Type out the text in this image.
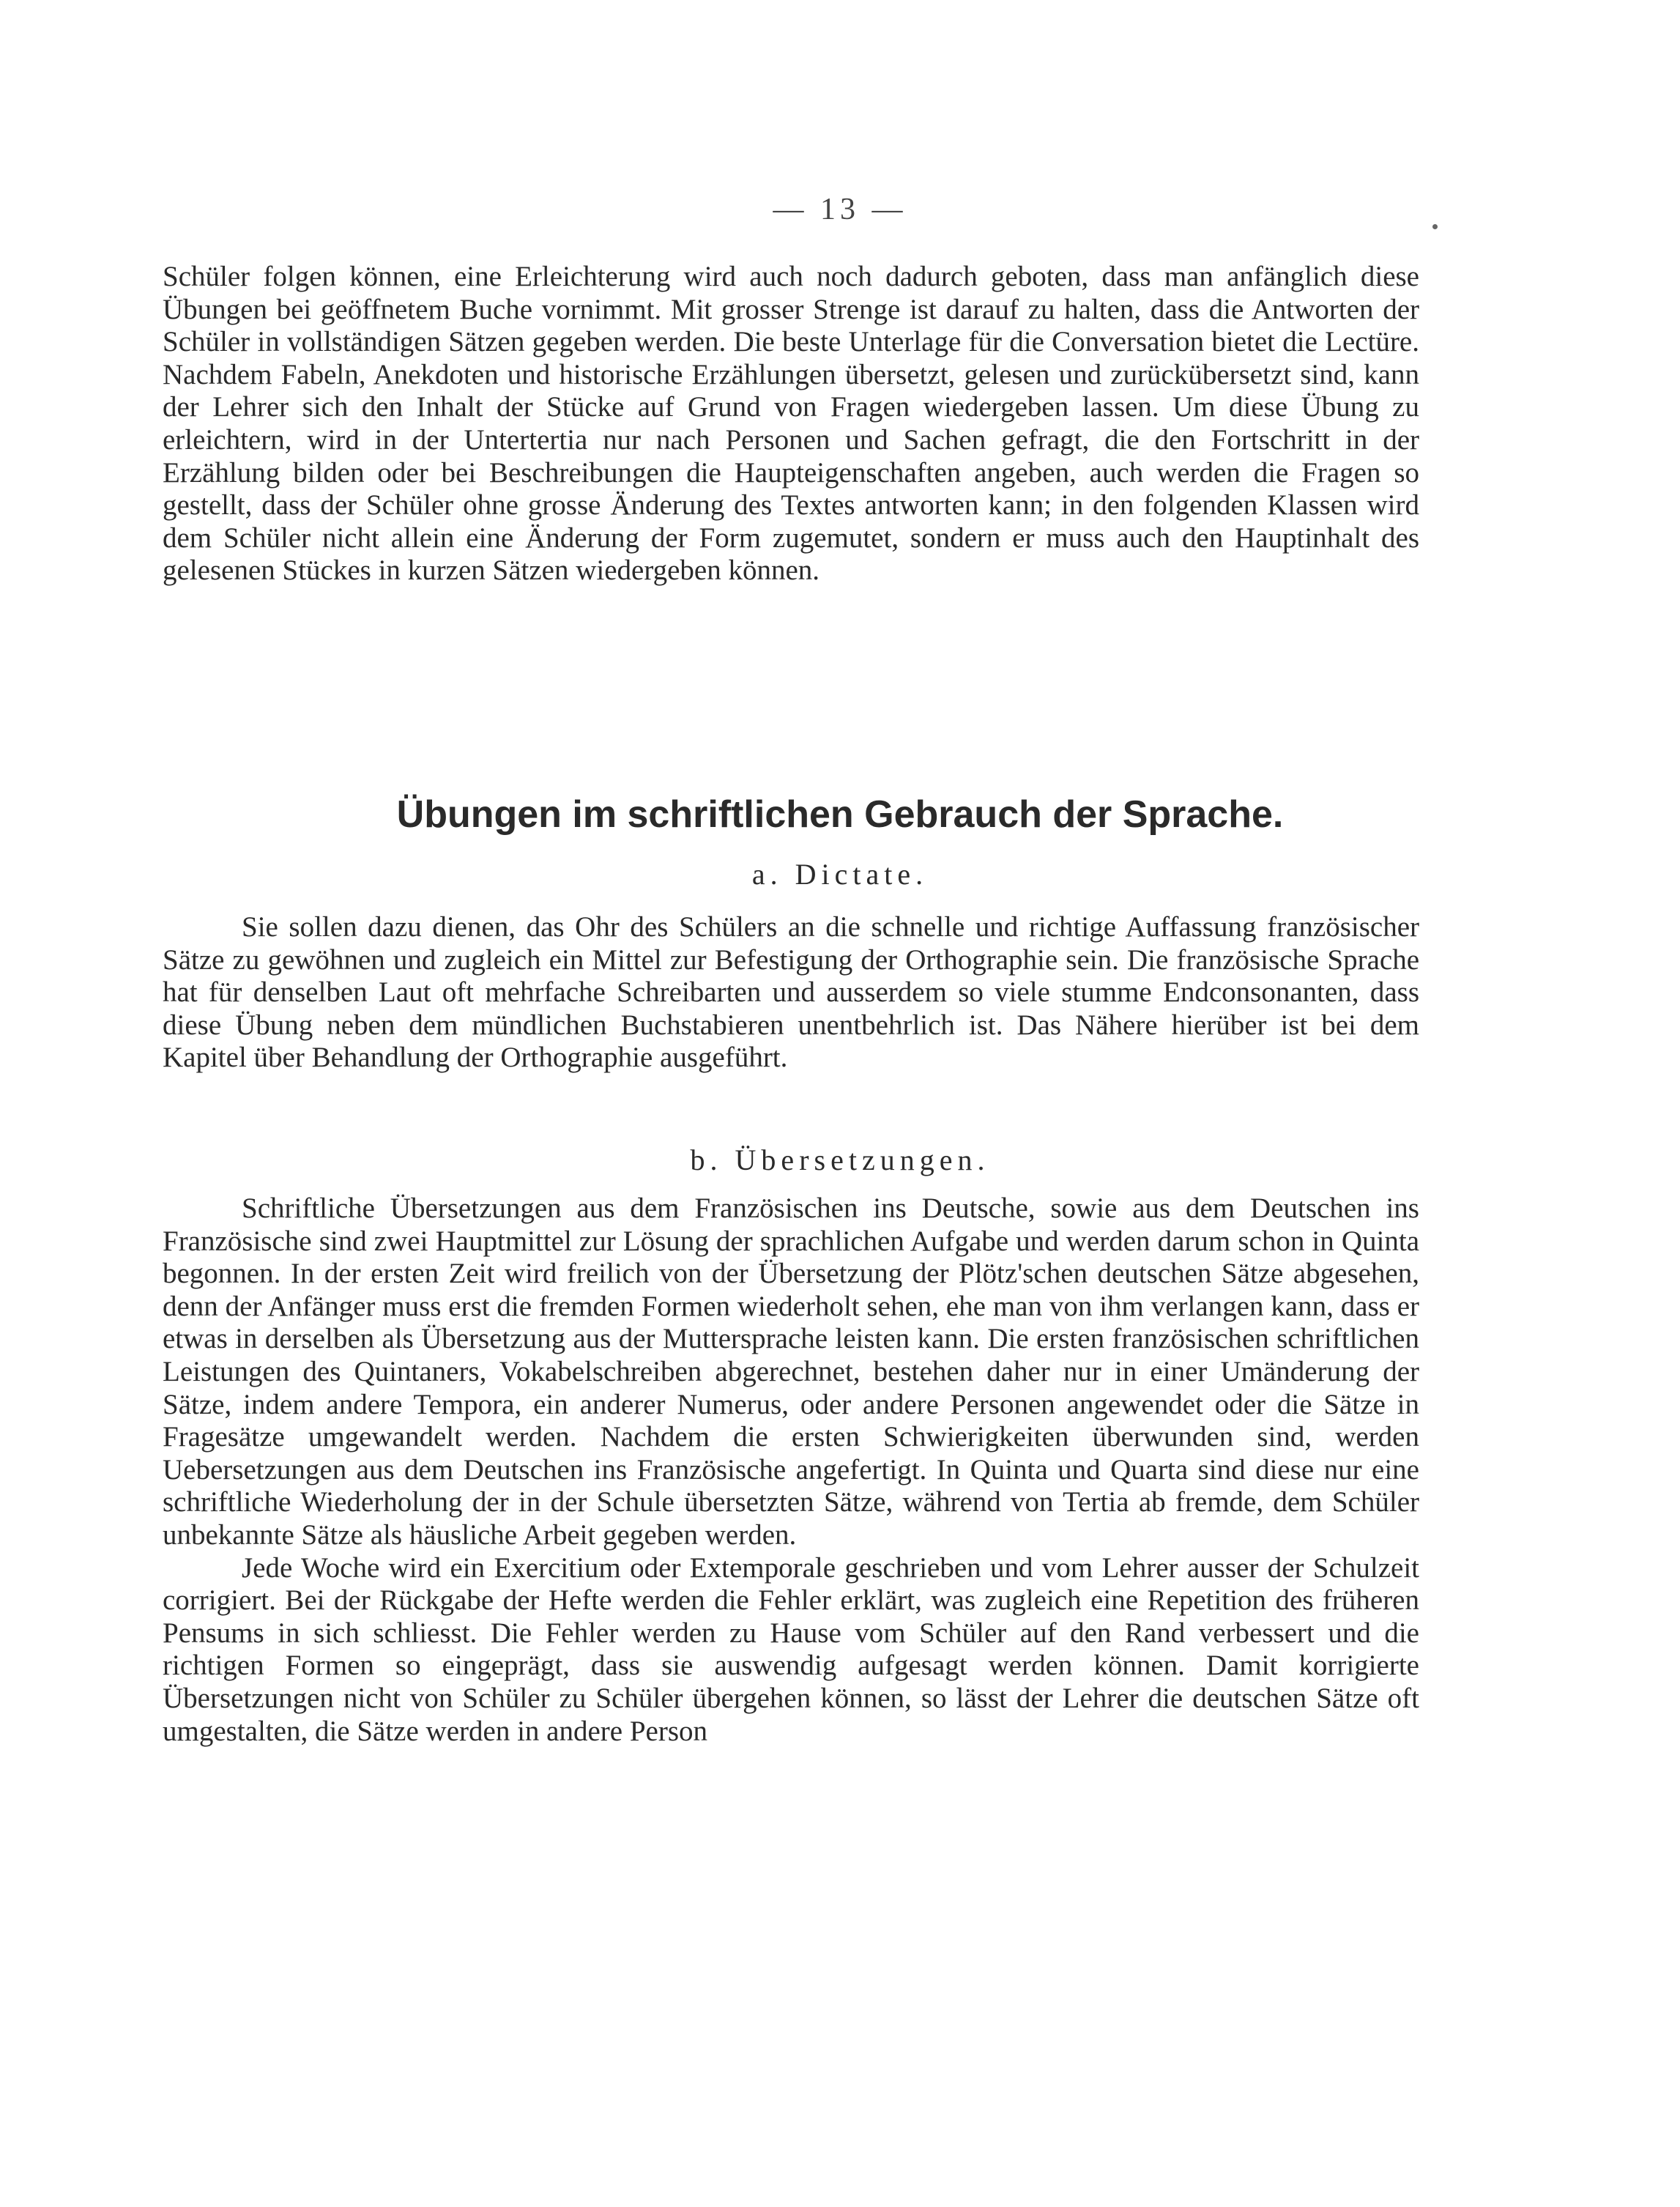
— 13 —

Schüler folgen können, eine Erleichterung wird auch noch dadurch geboten, dass man anfänglich diese Übungen bei geöffnetem Buche vornimmt. Mit grosser Strenge ist darauf zu halten, dass die Antworten der Schüler in vollständigen Sätzen gegeben werden. Die beste Unterlage für die Conversation bietet die Lectüre. Nachdem Fabeln, Anekdoten und historische Erzählungen übersetzt, gelesen und zurückübersetzt sind, kann der Lehrer sich den Inhalt der Stücke auf Grund von Fragen wiedergeben lassen. Um diese Übung zu erleichtern, wird in der Untertertia nur nach Personen und Sachen gefragt, die den Fortschritt in der Erzählung bilden oder bei Beschreibungen die Haupteigenschaften angeben, auch werden die Fragen so gestellt, dass der Schüler ohne grosse Änderung des Textes antworten kann; in den folgenden Klassen wird dem Schüler nicht allein eine Änderung der Form zugemutet, sondern er muss auch den Hauptinhalt des gelesenen Stückes in kurzen Sätzen wiedergeben können.

Übungen im schriftlichen Gebrauch der Sprache.
a. Dictate.

Sie sollen dazu dienen, das Ohr des Schülers an die schnelle und richtige Auffassung französischer Sätze zu gewöhnen und zugleich ein Mittel zur Befestigung der Orthographie sein. Die französische Sprache hat für denselben Laut oft mehrfache Schreibarten und ausserdem so viele stumme Endconsonanten, dass diese Übung neben dem mündlichen Buchstabieren unentbehrlich ist. Das Nähere hierüber ist bei dem Kapitel über Behandlung der Orthographie ausgeführt.

b. Übersetzungen.

Schriftliche Übersetzungen aus dem Französischen ins Deutsche, sowie aus dem Deutschen ins Französische sind zwei Hauptmittel zur Lösung der sprachlichen Aufgabe und werden darum schon in Quinta begonnen. In der ersten Zeit wird freilich von der Übersetzung der Plötz'schen deutschen Sätze abgesehen, denn der Anfänger muss erst die fremden Formen wiederholt sehen, ehe man von ihm verlangen kann, dass er etwas in derselben als Übersetzung aus der Muttersprache leisten kann. Die ersten französischen schriftlichen Leistungen des Quintaners, Vokabelschreiben abgerechnet, bestehen daher nur in einer Umänderung der Sätze, indem andere Tempora, ein anderer Numerus, oder andere Personen angewendet oder die Sätze in Fragesätze umgewandelt werden. Nachdem die ersten Schwierigkeiten überwunden sind, werden Uebersetzungen aus dem Deutschen ins Französische angefertigt. In Quinta und Quarta sind diese nur eine schriftliche Wiederholung der in der Schule übersetzten Sätze, während von Tertia ab fremde, dem Schüler unbekannte Sätze als häusliche Arbeit gegeben werden.

Jede Woche wird ein Exercitium oder Extemporale geschrieben und vom Lehrer ausser der Schulzeit corrigiert. Bei der Rückgabe der Hefte werden die Fehler erklärt, was zugleich eine Repetition des früheren Pensums in sich schliesst. Die Fehler werden zu Hause vom Schüler auf den Rand verbessert und die richtigen Formen so eingeprägt, dass sie auswendig aufgesagt werden können. Damit korrigierte Übersetzungen nicht von Schüler zu Schüler übergehen können, so lässt der Lehrer die deutschen Sätze oft umgestalten, die Sätze werden in andere Person
